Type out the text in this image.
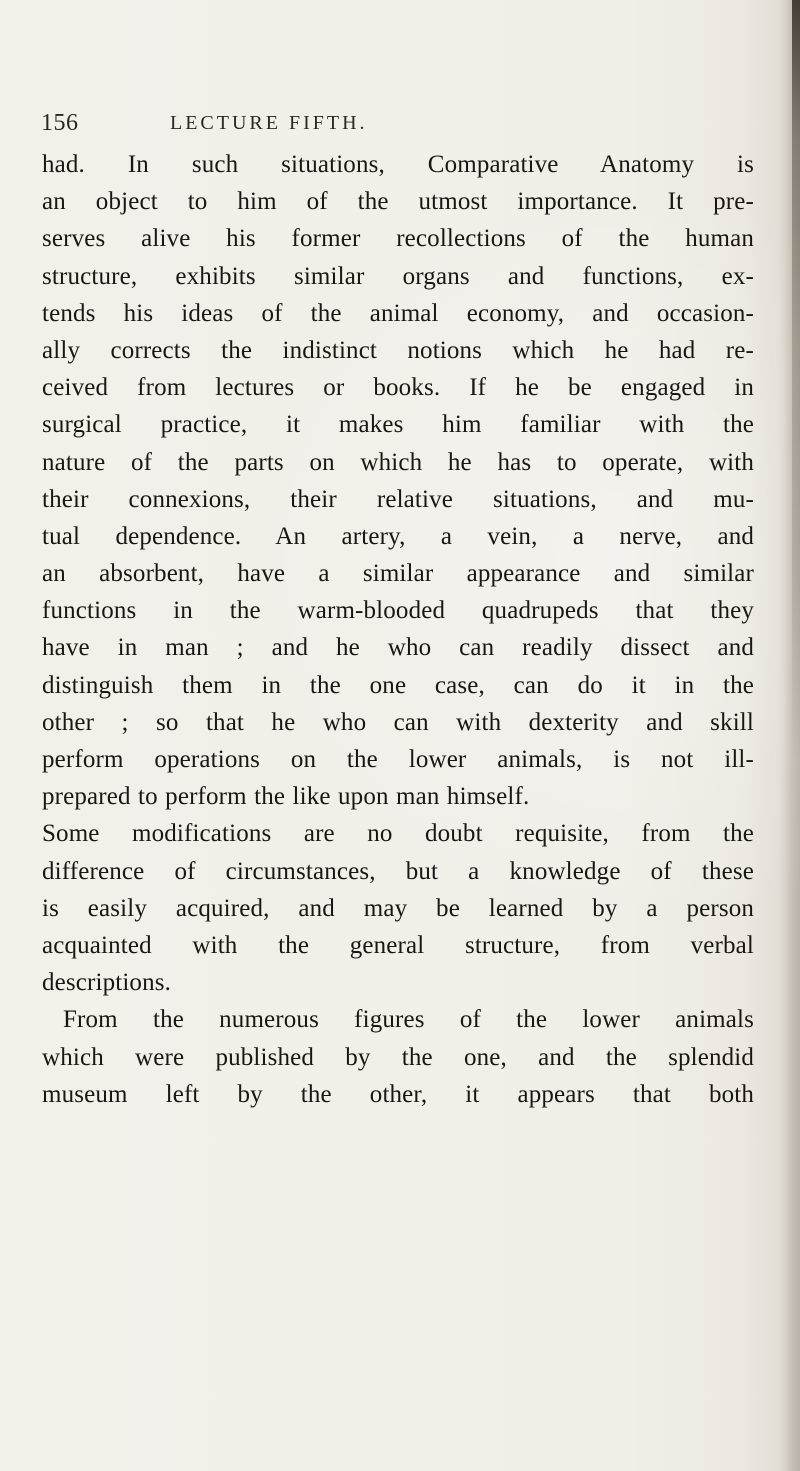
156	LECTURE FIFTH.
had. In such situations, Comparative Anatomy is
an object to him of the utmost importance. It pre-
serves alive his former recollections of the human
structure, exhibits similar organs and functions, ex-
tends his ideas of the animal economy, and occasion-
ally corrects the indistinct notions which he had re-
ceived from lectures or books. If he be engaged in
surgical practice, it makes him familiar with the
nature of the parts on which he has to operate, with
their connexions, their relative situations, and mu-
tual dependence. An artery, a vein, a nerve, and
an absorbent, have a similar appearance and similar
functions in the warm-blooded quadrupeds that they
have in man ; and he who can readily dissect and
distinguish them in the one case, can do it in the
other ; so that he who can with dexterity and skill
perform operations on the lower animals, is not ill-
prepared to perform the like upon man himself.
Some modifications are no doubt requisite, from the
difference of circumstances, but a knowledge of these
is easily acquired, and may be learned by a person
acquainted with the general structure, from verbal
descriptions.
From the numerous figures of the lower animals
which were published by the one, and the splendid
museum left by the other, it appears that both
